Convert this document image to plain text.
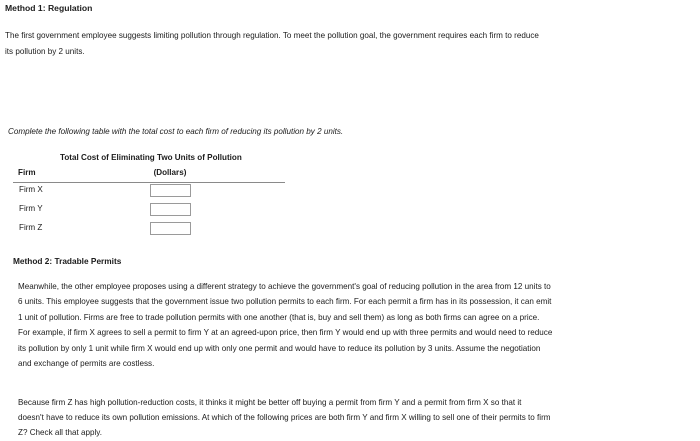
Method 1: Regulation
The first government employee suggests limiting pollution through regulation. To meet the pollution goal, the government requires each firm to reduce
its pollution by 2 units.
Complete the following table with the total cost to each firm of reducing its pollution by 2 units.
Total Cost of Eliminating Two Units of Pollution
Firm	(Dollars)
Firm X
Firm Y
Firm Z
Method 2: Tradable Permits
Meanwhile, the other employee proposes using a different strategy to achieve the government's goal of reducing pollution in the area from 12 units to
6 units. This employee suggests that the government issue two pollution permits to each firm. For each permit a firm has in its possession, it can emit
1 unit of pollution. Firms are free to trade pollution permits with one another (that is, buy and sell them) as long as both firms can agree on a price.
For example, if firm X agrees to sell a permit to firm Y at an agreed-upon price, then firm Y would end up with three permits and would need to reduce
its pollution by only 1 unit while firm X would end up with only one permit and would have to reduce its pollution by 3 units. Assume the negotiation
and exchange of permits are costless.
Because firm Z has high pollution-reduction costs, it thinks it might be better off buying a permit from firm Y and a permit from firm X so that it
doesn't have to reduce its own pollution emissions. At which of the following prices are both firm Y and firm X willing to sell one of their permits to firm
Z? Check all that apply.
